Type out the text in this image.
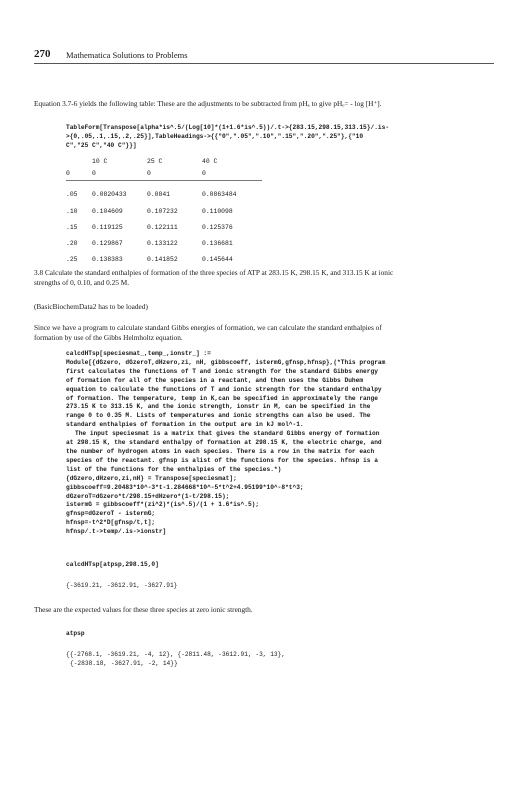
270 Mathematica Solutions to Problems
Equation 3.7-6 yields the following table: These are the adjustments to be subtracted from pHₐ to give pHₒ= - log [H⁺].
TableForm[Transpose[alpha*is^.5/(Log[10]*(1+1.6*is^.5))/.t->{283.15,298.15,313.15}/.is-
>{0,.05,.1,.15,.2,.25}],TableHeadings->{{"0",".05",".10",".15",".20",".25"},{"10
C","25 C","40 C"}}]
	10 C	25 C	40 C
0	0	0	0

.05	0.0820433	0.0841	0.0863484

.10	0.104609	0.107232	0.110098

.15	0.119125	0.122111	0.125376

.20	0.129867	0.133122	0.136681

.25	0.138383	0.141852	0.145644
3.8 Calculate the standard enthalpies of formation of the three species of ATP at 283.15 K, 298.15 K, and 313.15 K at ionic
strengths of 0, 0.10, and 0.25 M.
(BasicBiochemData2 has to be loaded)
Since we have a program to calculate standard Gibbs energies of formation, we can calculate the standard enthalpies of
formation by use of the Gibbs Helmholtz equation.
calcdHTsp[speciesmat_,temp_,ionstr_] :=
Module[{dGzero, dGzeroT,dHzero,zi, nH, gibbscoeff, istermG,gfnsp,hfnsp},(*This program
first calculates the functions of T and ionic strength for the standard Gibbs energy
of formation for all of the species in a reactant, and then uses the Gibbs Duhem
equation to calculate the functions of T and ionic strength for the standard enthalpy
of formation. The temperature, temp in K,can be specified in approximately the range
273.15 K to 313.15 K, and the ionic strength, ionstr in M, can be specified in the
range 0 to 0.35 M. Lists of temperatures and ionic strengths can also be used. The
standard enthalpies of formation in the output are in kJ mol^-1.
The input speciesmat is a matrix that gives the standard Gibbs energy of formation
at 298.15 K, the standard enthalpy of formation at 298.15 K, the electric charge, and
the number of hydrogen atoms in each species. There is a row in the matrix for each
species of the reactant. gfnsp is alist of the functions for the species. hfnsp is a
list of the functions for the enthalpies of the species.*)
{dGzero,dHzero,zi,nH} = Transpose[speciesmat];
gibbscoeff=9.20483*10^-3*t-1.284668*10^-5*t^2+4.95199*10^-8*t^3;
dGzeroT=dGzero*t/298.15+dHzero*(1-t/298.15);
istermG = gibbscoeff*(zi^2)*(is^.5)/(1 + 1.6*is^.5);
gfnsp=dGzeroT - istermG;
hfnsp=-t^2*D[gfnsp/t,t];
hfnsp/.t->temp/.is->ionstr]
calcdHTsp[atpsp,298.15,0]
{-3619.21, -3612.91, -3627.91}
These are the expected values for these three species at zero ionic strength.
atpsp
{{-2768.1, -3619.21, -4, 12}, {-2811.48, -3612.91, -3, 13},
{-2838.18, -3627.91, -2, 14}}
